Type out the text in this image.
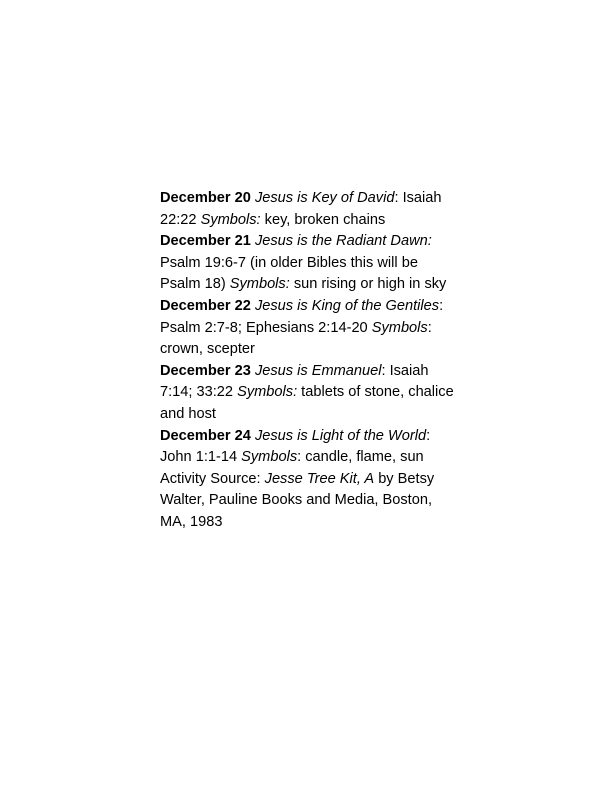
December 20 Jesus is Key of David: Isaiah 22:22 Symbols: key, broken chains

December 21 Jesus is the Radiant Dawn: Psalm 19:6-7 (in older Bibles this will be Psalm 18) Symbols: sun rising or high in sky

December 22 Jesus is King of the Gentiles: Psalm 2:7-8; Ephesians 2:14-20 Symbols: crown, scepter

December 23 Jesus is Emmanuel: Isaiah 7:14; 33:22 Symbols: tablets of stone, chalice and host

December 24 Jesus is Light of the World: John 1:1-14 Symbols: candle, flame, sun

Activity Source: Jesse Tree Kit, A by Betsy Walter, Pauline Books and Media, Boston, MA, 1983
